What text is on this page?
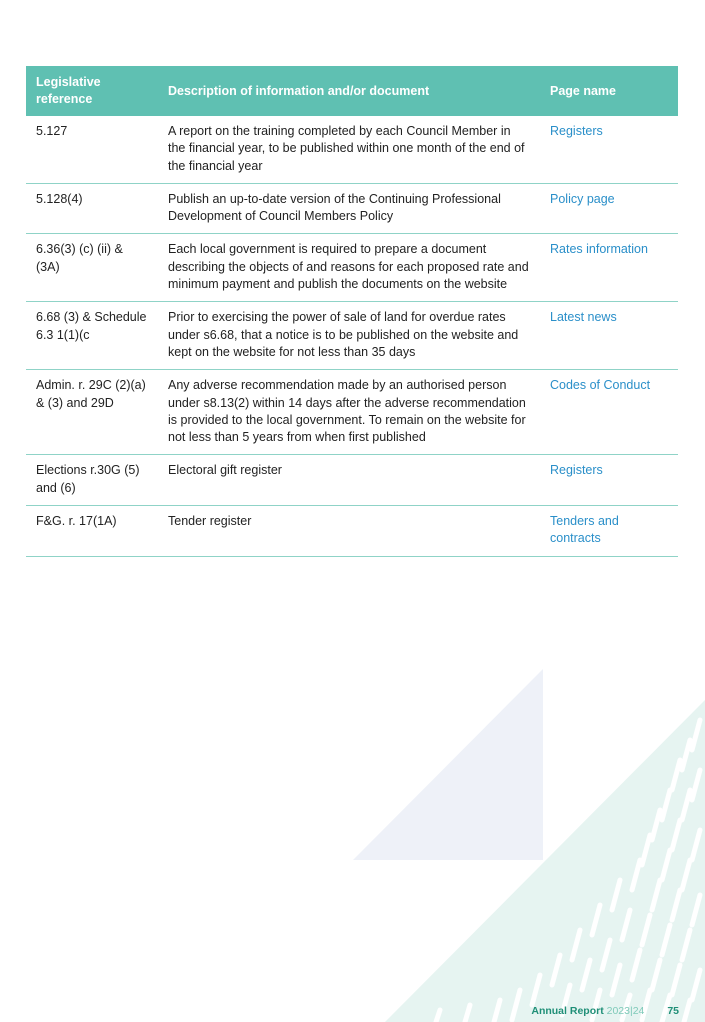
Legislative reference	Description of information and/or document	Page name
5.127	A report on the training completed by each Council Member in the financial year, to be published within one month of the end of the financial year	Registers
5.128(4)	Publish an up-to-date version of the Continuing Professional Development of Council Members Policy	Policy page
6.36(3) (c) (ii) & (3A)	Each local government is required to prepare a document describing the objects of and reasons for each proposed rate and minimum payment and publish the documents on the website	Rates information
6.68 (3) & Schedule 6.3 1(1)(c	Prior to exercising the power of sale of land for overdue rates under s6.68, that a notice is to be published on the website and kept on the website for not less than 35 days	Latest news
Admin. r. 29C (2)(a) & (3) and 29D	Any adverse recommendation made by an authorised person under s8.13(2) within 14 days after the adverse recommendation is provided to the local government. To remain on the website for not less than 5 years from when first published	Codes of Conduct
Elections r.30G (5) and (6)	Electoral gift register	Registers
F&G. r. 17(1A)	Tender register	Tenders and contracts
Annual Report 2023|24 75
